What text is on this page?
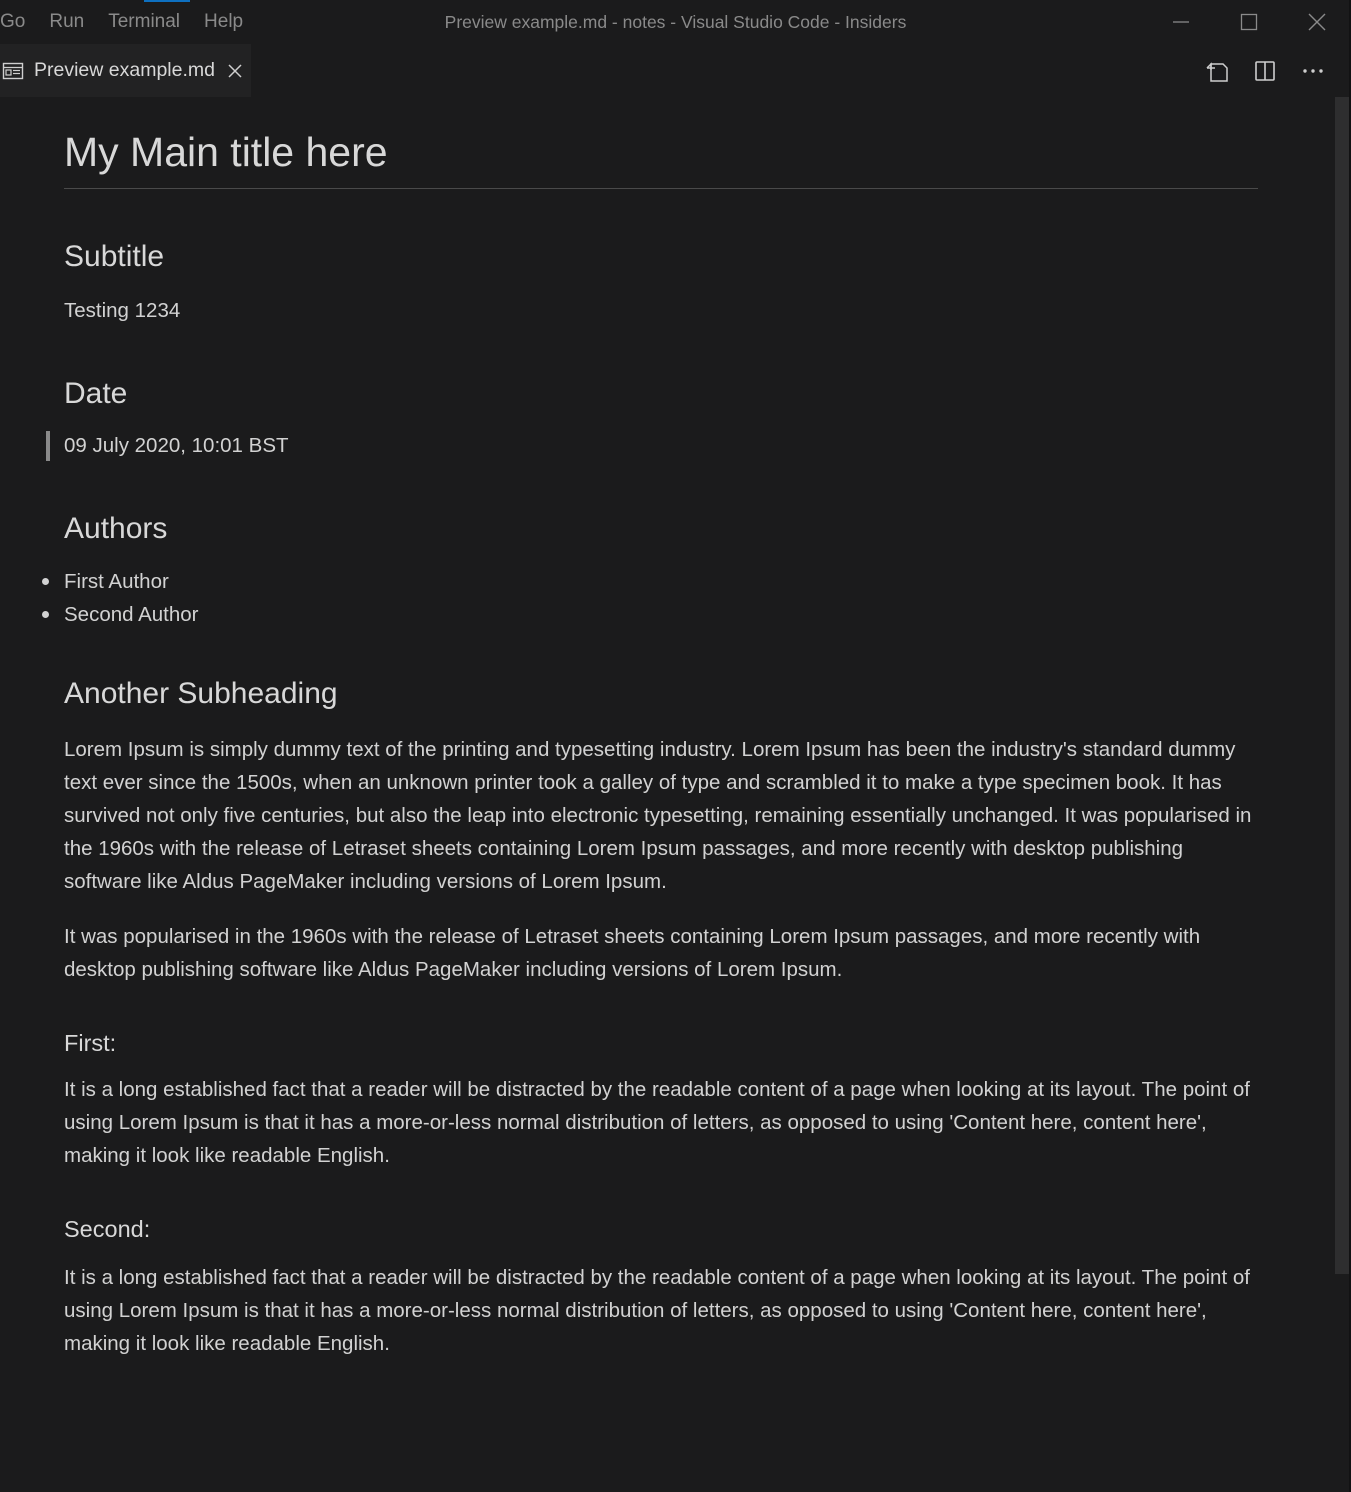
Go	Run	Terminal	Help	Preview example.md - notes - Visual Studio Code - Insiders
Preview example.md
My Main title here
Subtitle
Testing 1234
Date
09 July 2020, 10:01 BST
Authors
First Author
Second Author
Another Subheading
Lorem Ipsum is simply dummy text of the printing and typesetting industry. Lorem Ipsum has been the industry's standard dummy text ever since the 1500s, when an unknown printer took a galley of type and scrambled it to make a type specimen book. It has survived not only five centuries, but also the leap into electronic typesetting, remaining essentially unchanged. It was popularised in the 1960s with the release of Letraset sheets containing Lorem Ipsum passages, and more recently with desktop publishing software like Aldus PageMaker including versions of Lorem Ipsum.
It was popularised in the 1960s with the release of Letraset sheets containing Lorem Ipsum passages, and more recently with desktop publishing software like Aldus PageMaker including versions of Lorem Ipsum.
First:
It is a long established fact that a reader will be distracted by the readable content of a page when looking at its layout. The point of using Lorem Ipsum is that it has a more-or-less normal distribution of letters, as opposed to using 'Content here, content here', making it look like readable English.
Second:
It is a long established fact that a reader will be distracted by the readable content of a page when looking at its layout. The point of using Lorem Ipsum is that it has a more-or-less normal distribution of letters, as opposed to using 'Content here, content here', making it look like readable English.
